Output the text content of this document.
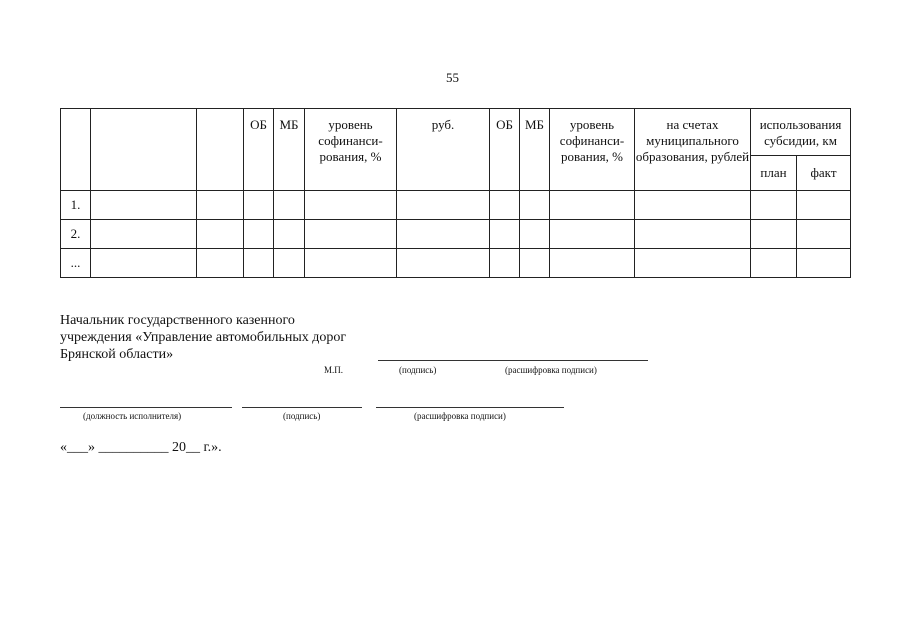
55
			ОБ	МБ	уровень софинанси-рования, %	руб.	ОБ	МБ	уровень софинанси-рования, %	на счетах муниципального образования, рублей	использования субсидии, км	
											план	факт
1.												
2.												
...												
Начальник государственного казенного учреждения «Управление автомобильных дорог Брянской области»
М.П.	(подпись)	(расшифровка подписи)
(должность исполнителя)	(подпись)	(расшифровка подписи)
«___» __________ 20__ г.».
